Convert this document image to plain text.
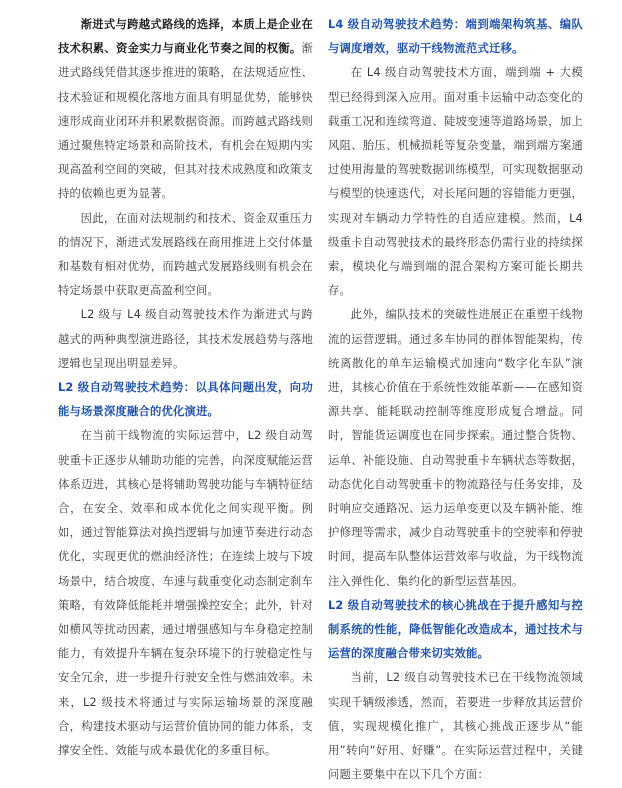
渐进式与跨越式路线的选择，本质上是企业在技术积累、资金实力与商业化节奏之间的权衡。渐进式路线凭借其逐步推进的策略，在法规适应性、技术验证和规模化落地方面具有明显优势，能够快速形成商业闭环并积累数据资源。而跨越式路线则通过聚焦特定场景和高阶技术，有机会在短期内实现高盈利空间的突破，但其对技术成熟度和政策支持的依赖也更为显著。

因此，在面对法规制约和技术、资金双重压力的情况下，渐进式发展路线在商用推进上交付体量和基数有相对优势，而跨越式发展路线则有机会在特定场景中获取更高盈利空间。

L2 级与 L4 级自动驾驶技术作为渐进式与跨越式的两种典型演进路径，其技术发展趋势与落地逻辑也呈现出明显差异。

L2 级自动驾驶技术趋势：以具体问题出发，向功能与场景深度融合的优化演进。

在当前干线物流的实际运营中，L2 级自动驾驶重卡正逐步从辅助功能的完善，向深度赋能运营体系迈进，其核心是将辅助驾驶功能与车辆特征结合，在安全、效率和成本优化之间实现平衡。例如，通过智能算法对换挡逻辑与加速节奏进行动态优化，实现更优的燃油经济性；在连续上坡与下坡场景中，结合坡度、车速与载重变化动态制定刹车策略，有效降低能耗并增强操控安全；此外，针对如横风等扰动因素，通过增强感知与车身稳定控制能力，有效提升车辆在复杂环境下的行驶稳定性与安全冗余，进一步提升行驶安全性与燃油效率。未来，L2 级技术将通过与实际运输场景的深度融合，构建技术驱动与运营价值协同的能力体系，支撑安全性、效能与成本最优化的多重目标。

L4 级自动驾驶技术趋势：端到端架构筑基、编队与调度增效，驱动干线物流范式迁移。

在 L4 级自动驾驶技术方面，端到端 + 大模型已经得到深入应用。面对重卡运输中动态变化的载重工况和连续弯道、陡坡变速等道路场景，加上风阻、胎压、机械损耗等复杂变量，端到端方案通过使用海量的驾驶数据训练模型，可实现数据驱动与模型的快速迭代，对长尾问题的容错能力更强，实现对车辆动力学特性的自适应建模。然而，L4 级重卡自动驾驶技术的最终形态仍需行业的持续探索，模块化与端到端的混合架构方案可能长期共存。

此外，编队技术的突破性进展正在重塑干线物流的运营逻辑。通过多车协同的群体智能架构，传统离散化的单车运输模式加速向“数字化车队”演进，其核心价值在于系统性效能革新——在感知资源共享、能耗联动控制等维度形成复合增益。同时，智能货运调度也在同步探索。通过整合货物、运单、补能设施、自动驾驶重卡车辆状态等数据，动态优化自动驾驶重卡的物流路径与任务安排，及时响应交通路况、运力运单变更以及车辆补能、维护修理等需求，减少自动驾驶重卡的空驶率和停驶时间，提高车队整体运营效率与收益，为干线物流注入弹性化、集约化的新型运营基因。

L2 级自动驾驶技术的核心挑战在于提升感知与控制系统的性能，降低智能化改造成本，通过技术与运营的深度融合带来切实效能。

当前，L2 级自动驾驶技术已在干线物流领域实现千辆级渗透，然而，若要进一步释放其运营价值，实现规模化推广，其核心挑战正逐步从“能用”转向“好用、好赚”。在实际运营过程中，关键问题主要集中在以下几个方面：
